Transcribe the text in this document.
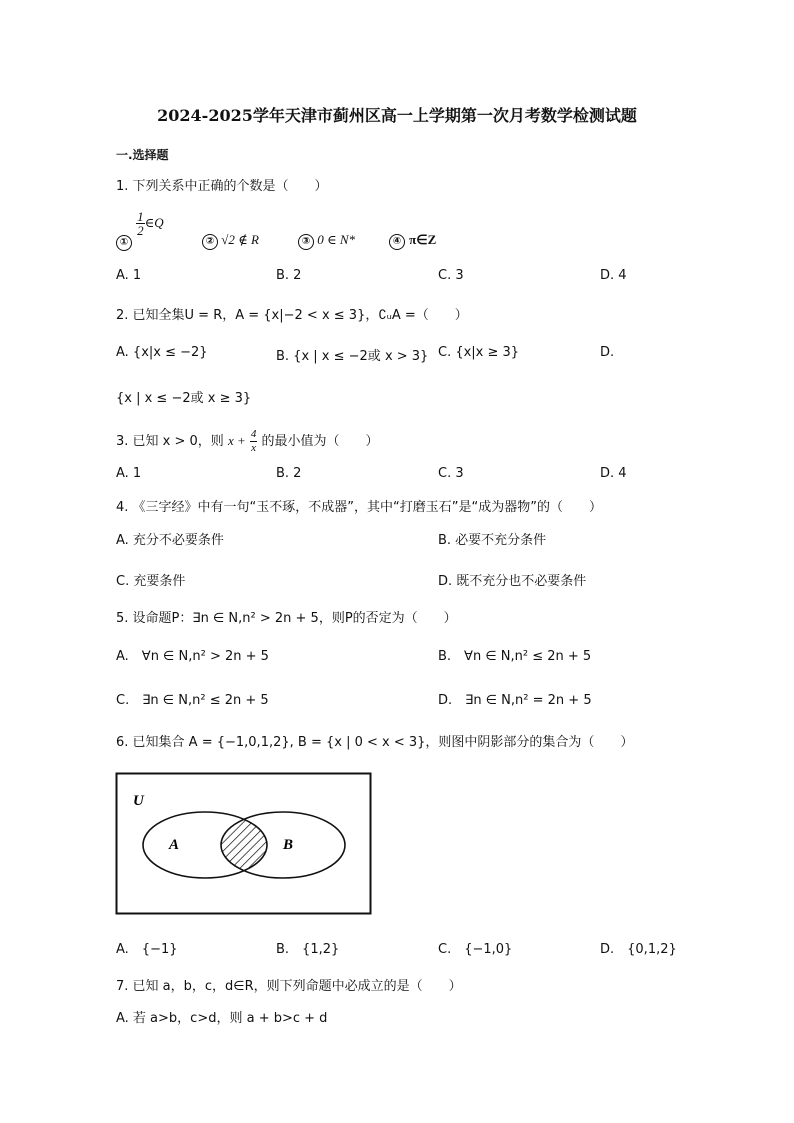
2024-2025学年天津市蓟州区高一上学期第一次月考数学检测试题
一.选择题
1. 下列关系中正确的个数是（　　）
①
$\frac{1}{2}$ ∈Q
② √2 ∉ R	③ 0 ∈ N*	④ π∈Z
A. 1	B. 2	C. 3	D. 4
2. 已知全集U = R，A = {x|−2 < x ≤ 3}，∁ᵤA =（　　）
A. {x|x ≤ −2}	B. {x | x ≤ −2或 x > 3} C. {x|x ≥ 3}	D.
{x | x ≤ −2或 x ≥ 3}
3. 已知 x > 0，则 $x + \frac{4}{x}$ 的最小值为（　　）
A. 1	B. 2	C. 3	D. 4
4. 《三字经》中有一句“玉不琢，不成器”，其中“打磨玉石”是“成为器物”的（　　）
A. 充分不必要条件	B. 必要不充分条件
C. 充要条件	D. 既不充分也不必要条件
5. 设命题P：∃n ∈ N,n² > 2n + 5，则P的否定为（　　）
A.　∀n ∈ N,n² > 2n + 5	B.　∀n ∈ N,n² ≤ 2n + 5
C.　∃n ∈ N,n² ≤ 2n + 5	D.　∃n ∈ N,n² = 2n + 5
6. 已知集合 A = {−1,0,1,2}, B = {x | 0 < x < 3}，则图中阴影部分的集合为（　　）
U
A	B
A.　{−1}	B.　{1,2}	C.　{−1,0}	D.　{0,1,2}
7. 已知 a，b，c，d∈R，则下列命题中必成立的是（　　）
A. 若 a>b，c>d，则 a + b>c + d
